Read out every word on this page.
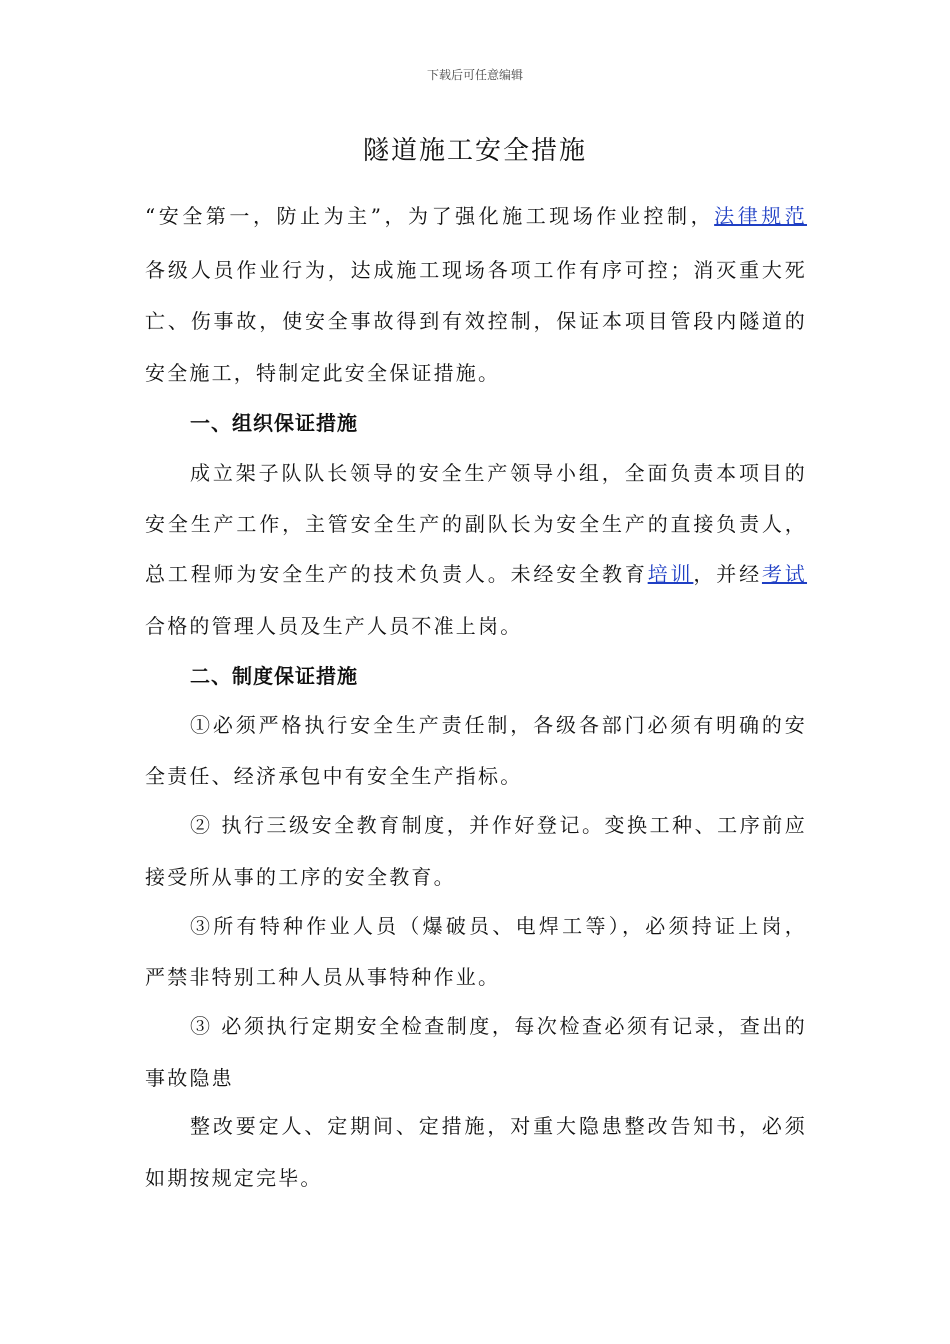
下载后可任意编辑
隧道施工安全措施
“安全第一，防止为主”，为了强化施工现场作业控制，法律规范
各级人员作业行为，达成施工现场各项工作有序可控；消灭重大死
亡、伤事故，使安全事故得到有效控制，保证本项目管段内隧道的
安全施工，特制定此安全保证措施。
一、组织保证措施
成立架子队队长领导的安全生产领导小组，全面负责本项目的
安全生产工作，主管安全生产的副队长为安全生产的直接负责人，
总工程师为安全生产的技术负责人。未经安全教育培训，并经考试
合格的管理人员及生产人员不准上岗。
二、制度保证措施
①必须严格执行安全生产责任制，各级各部门必须有明确的安
全责任、经济承包中有安全生产指标。
② 执行三级安全教育制度，并作好登记。变换工种、工序前应
接受所从事的工序的安全教育。
③所有特种作业人员（爆破员、电焊工等），必须持证上岗，
严禁非特别工种人员从事特种作业。
③ 必须执行定期安全检查制度，每次检查必须有记录，查出的
事故隐患
整改要定人、定期间、定措施，对重大隐患整改告知书，必须
如期按规定完毕。
